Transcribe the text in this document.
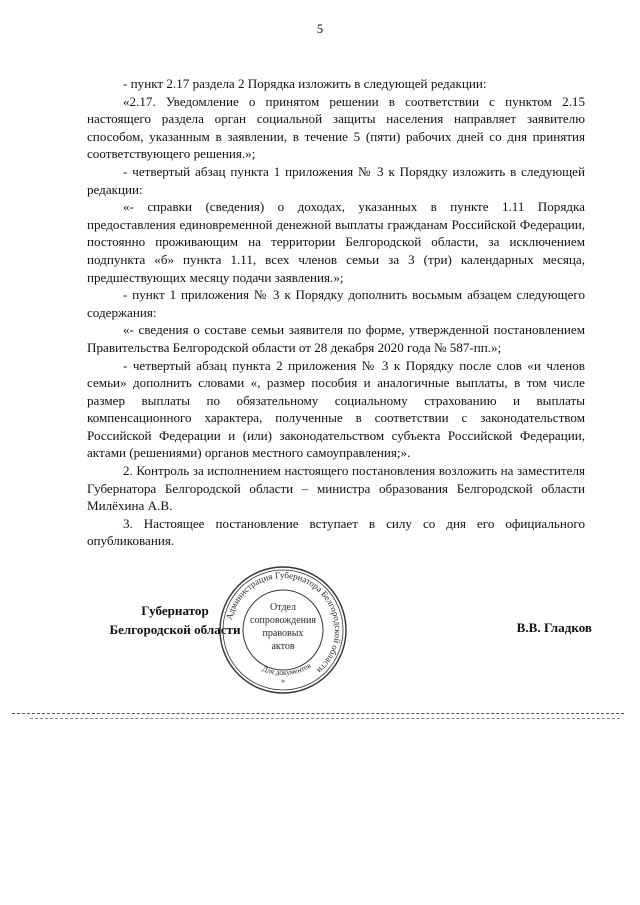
5

- пункт 2.17 раздела 2 Порядка изложить в следующей редакции:

«2.17. Уведомление о принятом решении в соответствии с пунктом 2.15 настоящего раздела орган социальной защиты населения направляет заявителю способом, указанным в заявлении, в течение 5 (пяти) рабочих дней со дня принятия соответствующего решения.»;

- четвертый абзац пункта 1 приложения № 3 к Порядку изложить в следующей редакции:

«- справки (сведения) о доходах, указанных в пункте 1.11 Порядка предоставления единовременной денежной выплаты гражданам Российской Федерации, постоянно проживающим на территории Белгородской области, за исключением подпункта «б» пункта 1.11, всех членов семьи за 3 (три) календарных месяца, предшествующих месяцу подачи заявления.»;

- пункт 1 приложения № 3 к Порядку дополнить восьмым абзацем следующего содержания:

«- сведения о составе семьи заявителя по форме, утвержденной постановлением Правительства Белгородской области от 28 декабря 2020 года № 587-пп.»;

- четвертый абзац пункта 2 приложения № 3 к Порядку после слов «и членов семьи» дополнить словами «, размер пособия и аналогичные выплаты, в том числе размер выплаты по обязательному социальному страхованию и выплаты компенсационного характера, полученные в соответствии с законодательством Российской Федерации и (или) законодательством субъекта Российской Федерации, актами (решениями) органов местного самоуправления;».

2. Контроль за исполнением настоящего постановления возложить на заместителя Губернатора Белгородской области – министра образования Белгородской области Милёхина А.В.

3. Настоящее постановление вступает в силу со дня его официального опубликования.

Администрация Губернатора Белгородской области
Отдел
сопровождения
правовых
актов
Для документов
*
Губернатор
Белгородской области	В.В. Гладков
